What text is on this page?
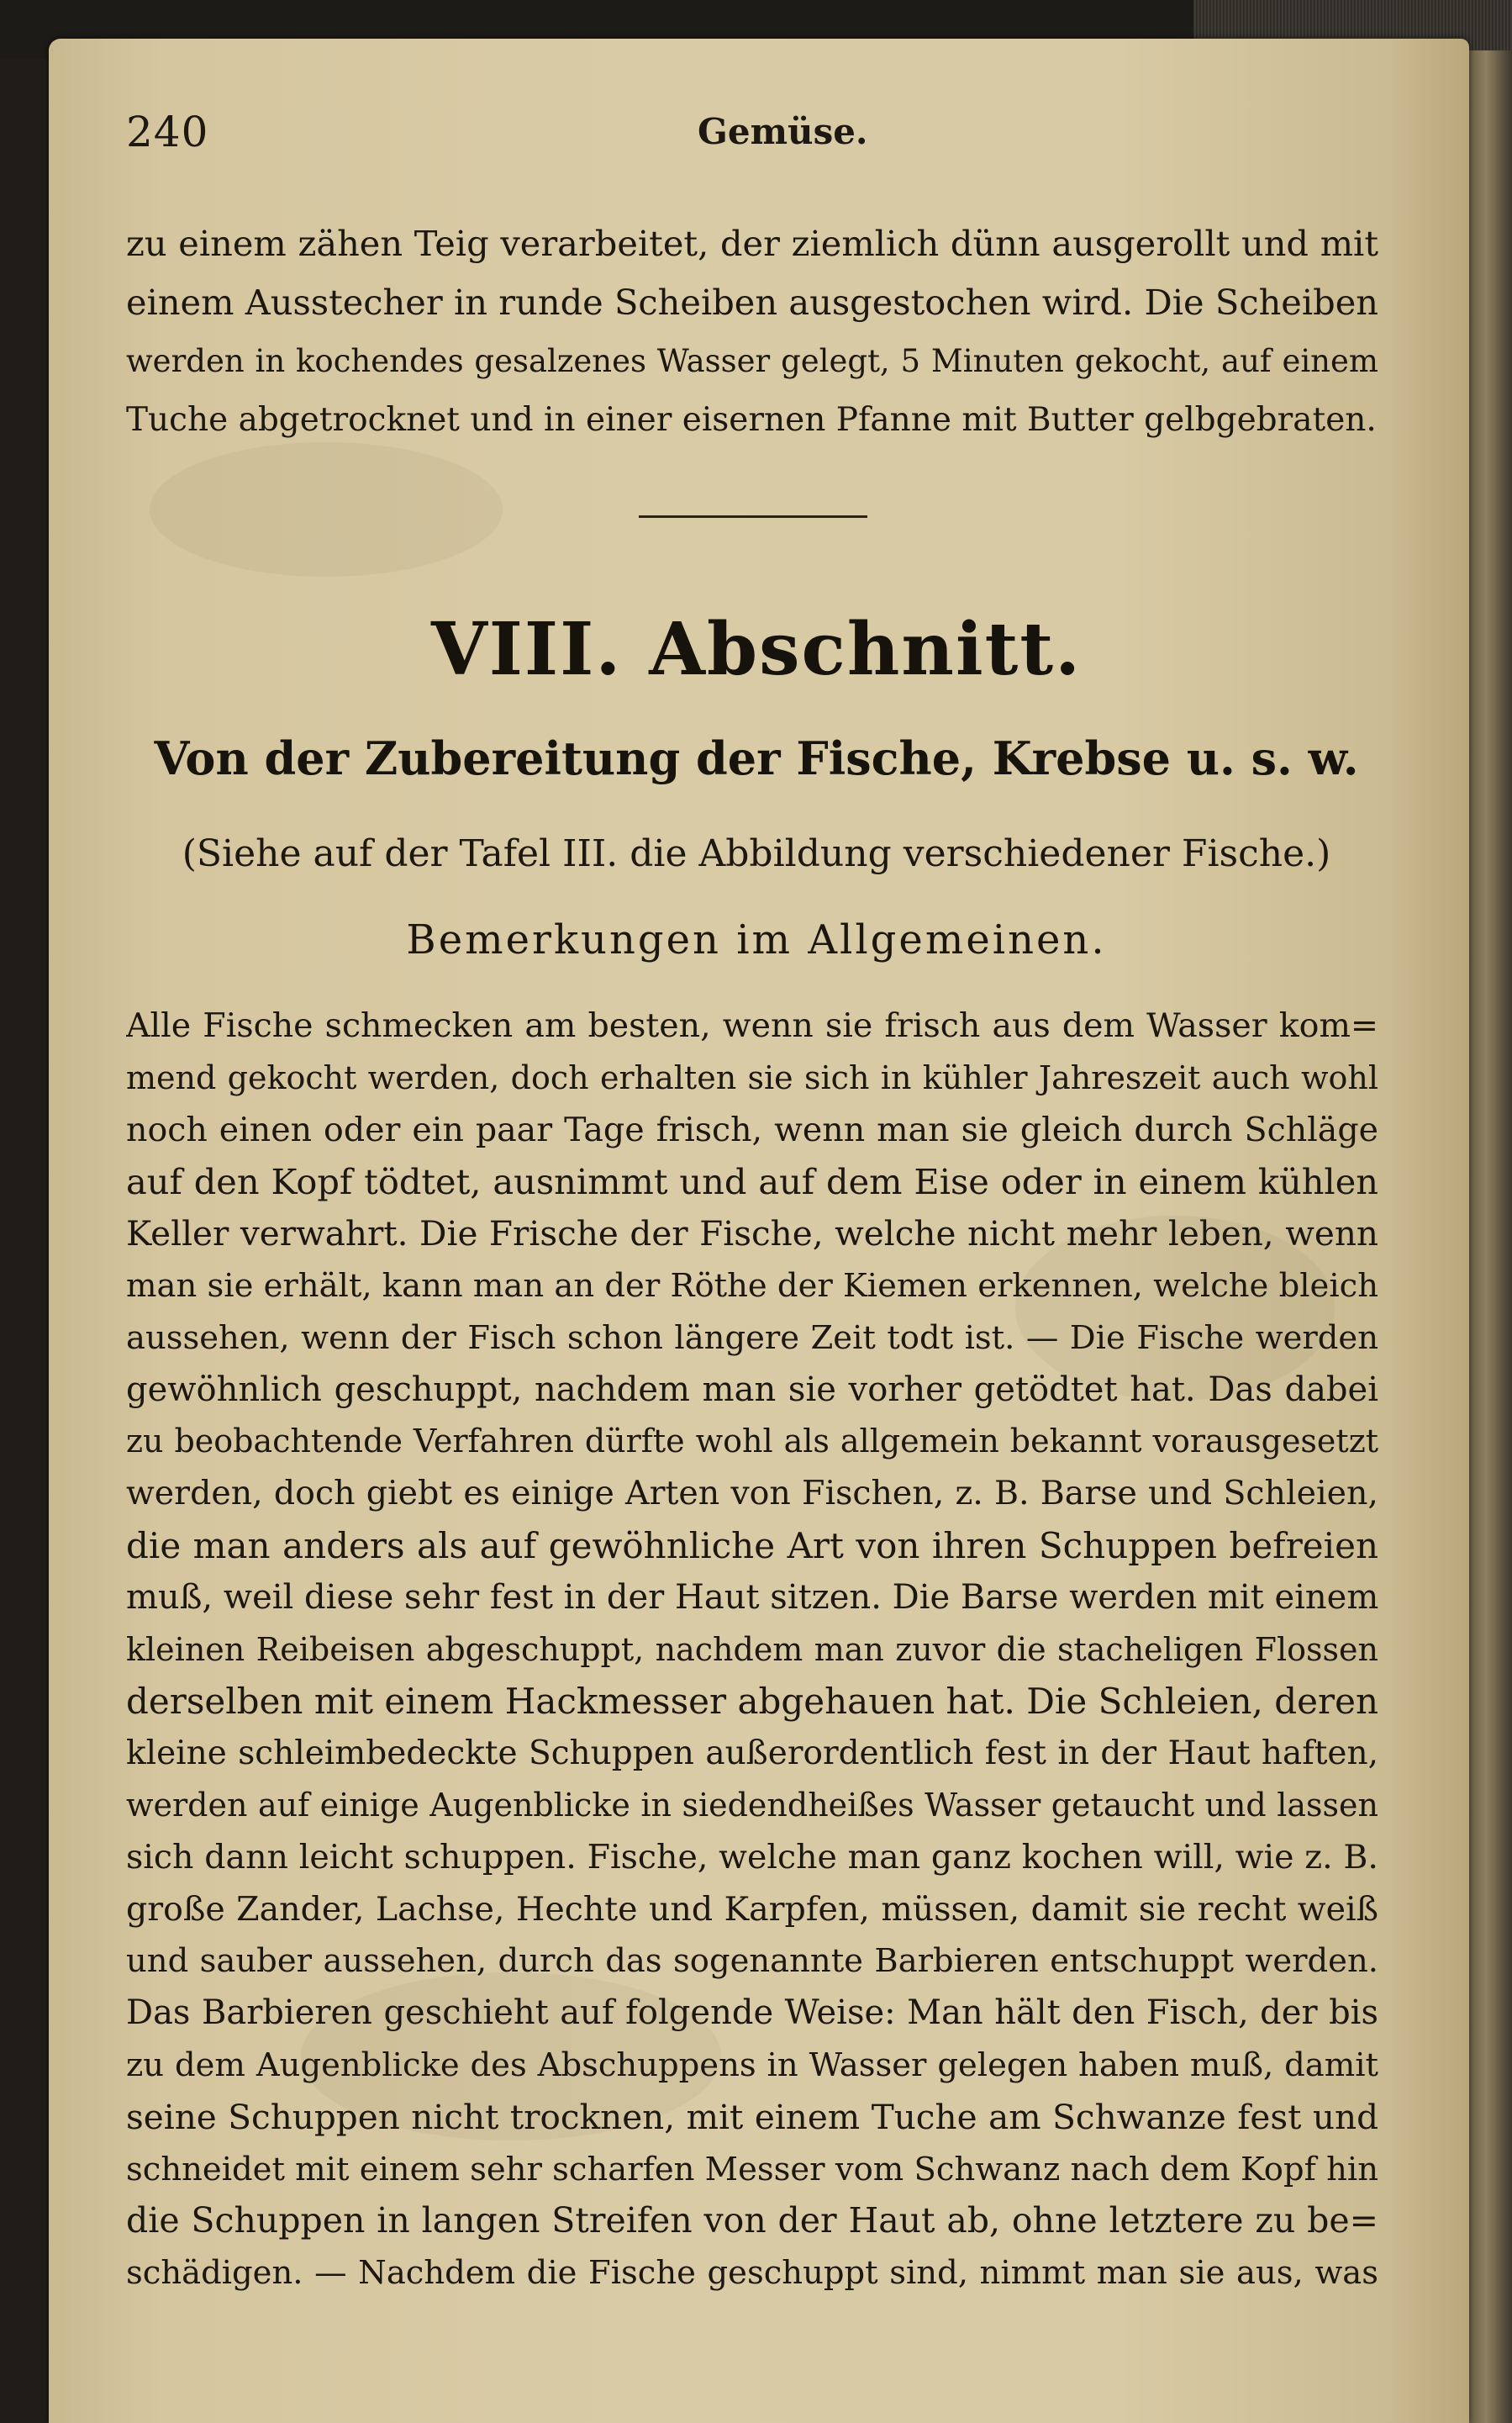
240	Gemüse.
zu einem zähen Teig verarbeitet, der ziemlich dünn ausgerollt und mit
einem Ausstecher in runde Scheiben ausgestochen wird. Die Scheiben
werden in kochendes gesalzenes Wasser gelegt, 5 Minuten gekocht, auf einem
Tuche abgetrocknet und in einer eisernen Pfanne mit Butter gelbgebraten.
VIII. Abschnitt.
Von der Zubereitung der Fische, Krebse u. s. w.
(Siehe auf der Tafel III. die Abbildung verschiedener Fische.)
Bemerkungen im Allgemeinen.
Alle Fische schmecken am besten, wenn sie frisch aus dem Wasser kom=
mend gekocht werden, doch erhalten sie sich in kühler Jahreszeit auch wohl
noch einen oder ein paar Tage frisch, wenn man sie gleich durch Schläge
auf den Kopf tödtet, ausnimmt und auf dem Eise oder in einem kühlen
Keller verwahrt. Die Frische der Fische, welche nicht mehr leben, wenn
man sie erhält, kann man an der Röthe der Kiemen erkennen, welche bleich
aussehen, wenn der Fisch schon längere Zeit todt ist. — Die Fische werden
gewöhnlich geschuppt, nachdem man sie vorher getödtet hat. Das dabei
zu beobachtende Verfahren dürfte wohl als allgemein bekannt vorausgesetzt
werden, doch giebt es einige Arten von Fischen, z. B. Barse und Schleien,
die man anders als auf gewöhnliche Art von ihren Schuppen befreien
muß, weil diese sehr fest in der Haut sitzen. Die Barse werden mit einem
kleinen Reibeisen abgeschuppt, nachdem man zuvor die stacheligen Flossen
derselben mit einem Hackmesser abgehauen hat. Die Schleien, deren
kleine schleimbedeckte Schuppen außerordentlich fest in der Haut haften,
werden auf einige Augenblicke in siedendheißes Wasser getaucht und lassen
sich dann leicht schuppen. Fische, welche man ganz kochen will, wie z. B.
große Zander, Lachse, Hechte und Karpfen, müssen, damit sie recht weiß
und sauber aussehen, durch das sogenannte Barbieren entschuppt werden.
Das Barbieren geschieht auf folgende Weise: Man hält den Fisch, der bis
zu dem Augenblicke des Abschuppens in Wasser gelegen haben muß, damit
seine Schuppen nicht trocknen, mit einem Tuche am Schwanze fest und
schneidet mit einem sehr scharfen Messer vom Schwanz nach dem Kopf hin
die Schuppen in langen Streifen von der Haut ab, ohne letztere zu be=
schädigen. — Nachdem die Fische geschuppt sind, nimmt man sie aus, was
